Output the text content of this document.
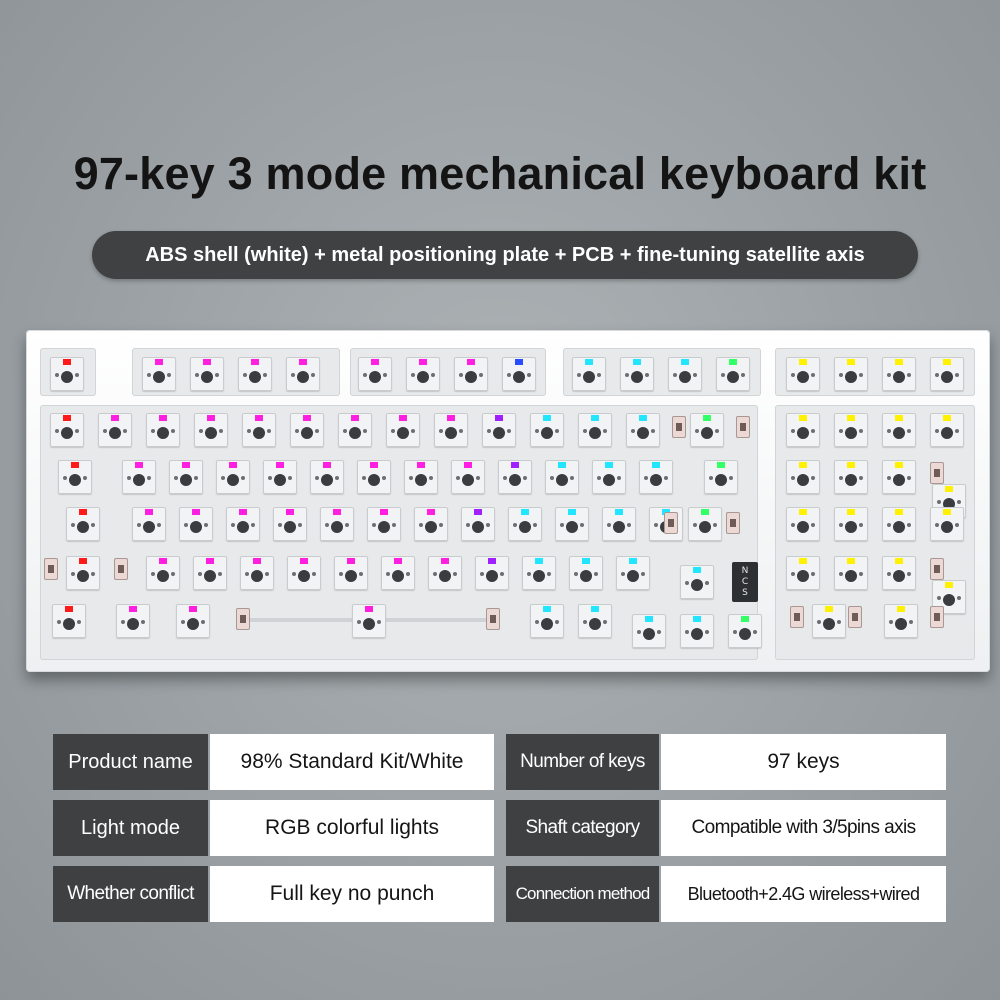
97-key 3 mode mechanical keyboard kit
ABS shell (white) + metal positioning plate + PCB + fine-tuning satellite axis
N
C
S
Product name	98% Standard Kit/White	Number of keys	97 keys
Light mode	RGB colorful lights	Shaft category	Compatible with 3/5pins axis
Whether conflict	Full key no punch	Connection method	Bluetooth+2.4G wireless+wired
